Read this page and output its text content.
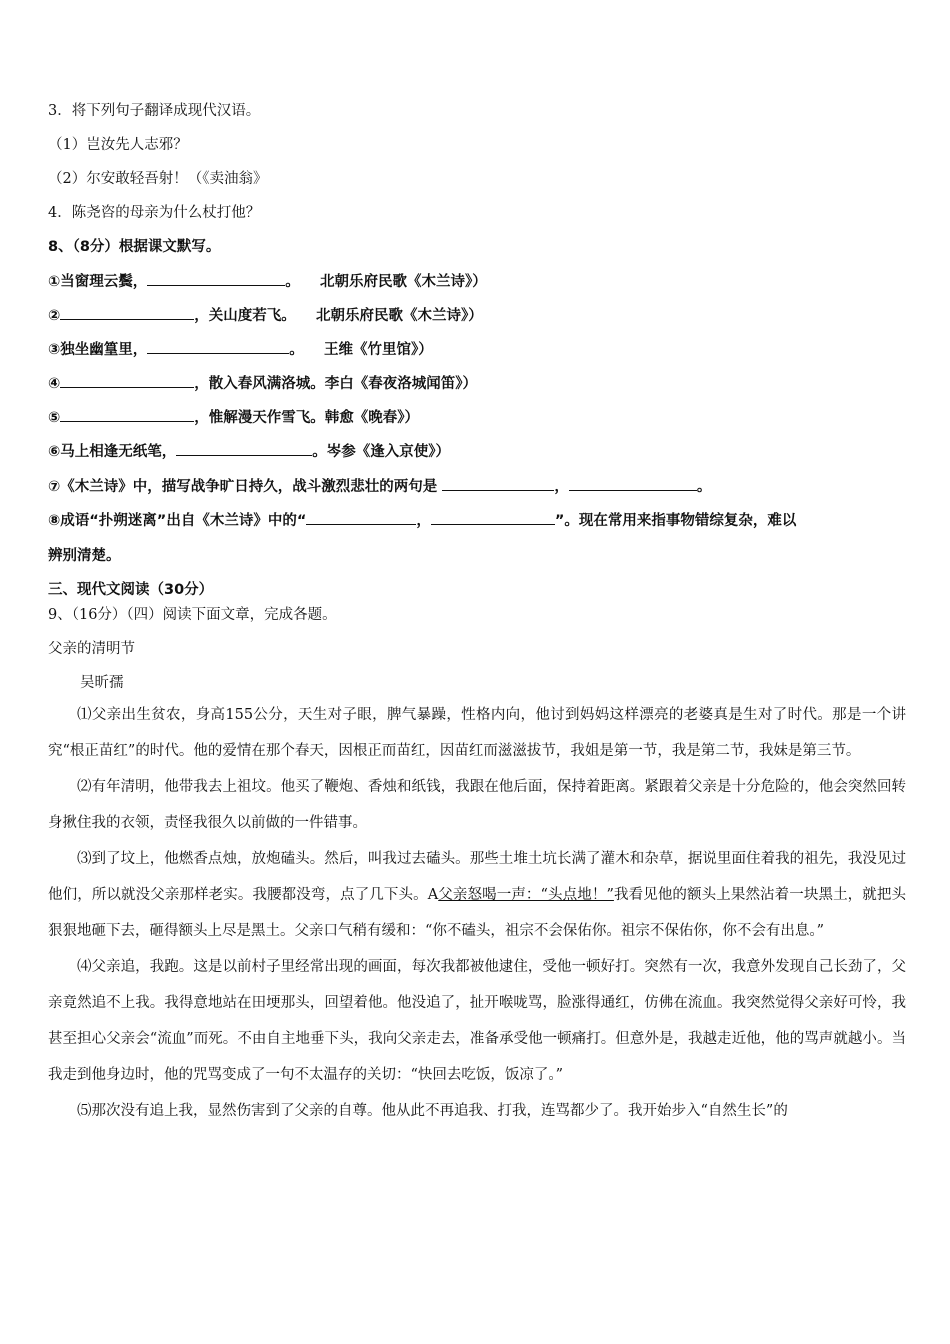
3．将下列句子翻译成现代汉语。
（1）岂汝先人志邪？
（2）尔安敢轻吾射！（《卖油翁》
4．陈尧咨的母亲为什么杖打他？
8、（8分）根据课文默写。
①当窗理云鬓，	。    北朝乐府民歌《木兰诗》）
②	，关山度若飞。    北朝乐府民歌《木兰诗》）
③独坐幽篁里，	。    王维《竹里馆》）
④	，散入春风满洛城。李白《春夜洛城闻笛》）
⑤	，惟解漫天作雪飞。韩愈《晚春》）
⑥马上相逢无纸笔，	。岑参《逢入京使》）
⑦《木兰诗》中，描写战争旷日持久，战斗激烈悲壮的两句是	，	。
⑧成语“扑朔迷离”出自《木兰诗》中的“	，	”。现在常用来指事物错综复杂，难以
辨别清楚。
三、现代文阅读（30分）
9、（16分）（四）阅读下面文章，完成各题。
父亲的清明节
吴昕孺

⑴父亲出生贫农，身高155公分，天生对子眼，脾气暴躁，性格内向，他讨到妈妈这样漂亮的老婆真是生对了时代。那是一个讲究“根正苗红”的时代。他的爱情在那个春天，因根正而苗红，因苗红而滋滋拔节，我姐是第一节，我是第二节，我妹是第三节。

⑵有年清明，他带我去上祖坟。他买了鞭炮、香烛和纸钱，我跟在他后面，保持着距离。紧跟着父亲是十分危险的，他会突然回转身揪住我的衣领，责怪我很久以前做的一件错事。

⑶到了坟上，他燃香点烛，放炮磕头。然后，叫我过去磕头。那些土堆土坑长满了灌木和杂草，据说里面住着我的祖先，我没见过他们，所以就没父亲那样老实。我腰都没弯，点了几下头。A父亲怒喝一声：“头点地！”我看见他的额头上果然沾着一块黑土，就把头狠狠地砸下去，砸得额头上尽是黑土。父亲口气稍有缓和：“你不磕头，祖宗不会保佑你。祖宗不保佑你，你不会有出息。”

⑷父亲追，我跑。这是以前村子里经常出现的画面，每次我都被他逮住，受他一顿好打。突然有一次，我意外发现自己长劲了，父亲竟然追不上我。我得意地站在田埂那头，回望着他。他没追了，扯开喉咙骂，脸涨得通红，仿佛在流血。我突然觉得父亲好可怜，我甚至担心父亲会“流血”而死。不由自主地垂下头，我向父亲走去，准备承受他一顿痛打。但意外是，我越走近他，他的骂声就越小。当我走到他身边时，他的咒骂变成了一句不太温存的关切：“快回去吃饭，饭凉了。”

⑸那次没有追上我，显然伤害到了父亲的自尊。他从此不再追我、打我，连骂都少了。我开始步入“自然生长”的
